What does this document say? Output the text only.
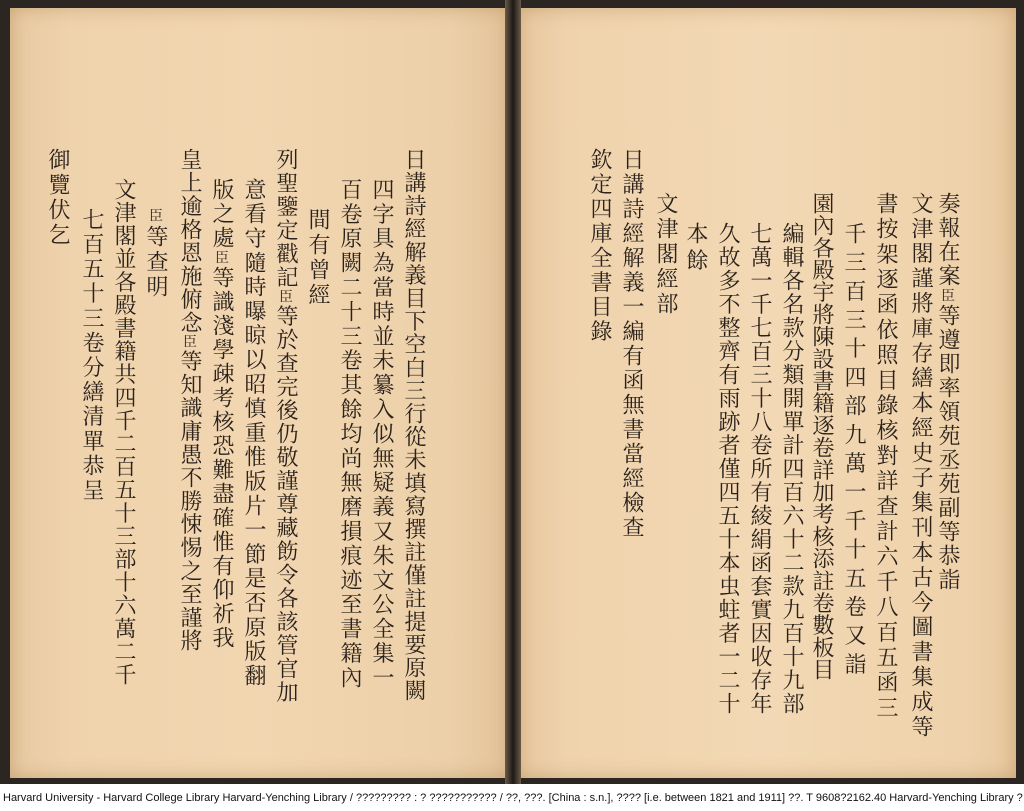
奏報在案臣等遵即率領苑丞苑副等恭詣
文津閣謹將庫存繕本經史子集刊本古今圖書集成等
書按架逐函依照目錄核對詳查計六千八百五函三
千三百三十四部九萬一千十五卷又詣
園內各殿宇將陳設書籍逐卷詳加考核添註卷數板目
編輯各名款分類開單計四百六十二款九百十九部
七萬一千七百三十八卷所有綾絹函套實因收存年
久故多不整齊有雨跡者僅四五十本虫蛀者一二十
本餘
文津閣經部
日講詩經解義一編有函無書當經檢查
欽定四庫全書目錄
日講詩經解義目下空白三行從未填寫撰註僅註提要原闕
四字具為當時並未纂入似無疑義又朱文公全集一
百卷原闕二十三卷其餘均尚無磨損痕迹至書籍內
間有曾經
列聖鑒定戳記臣等於查完後仍敬謹尊藏飭令各該管官加
意看守隨時曝晾以昭慎重惟版片一節是否原版翻
版之處臣等識淺學疎考核恐難盡確惟有仰祈我
皇上逾格恩施俯念臣等知識庸愚不勝悚惕之至謹將
臣等查明
文津閣並各殿書籍共四千二百五十三部十六萬二千
七百五十三卷分繕清單恭呈
御覽伏乞
Harvard University - Harvard College Library Harvard-Yenching Library / ????????? : ? ??????????? / ??, ???. [China : s.n.], ???? [i.e. between 1821 and 1911] ??. T 9608?2162.40 Harvard-Yenching Library ?
